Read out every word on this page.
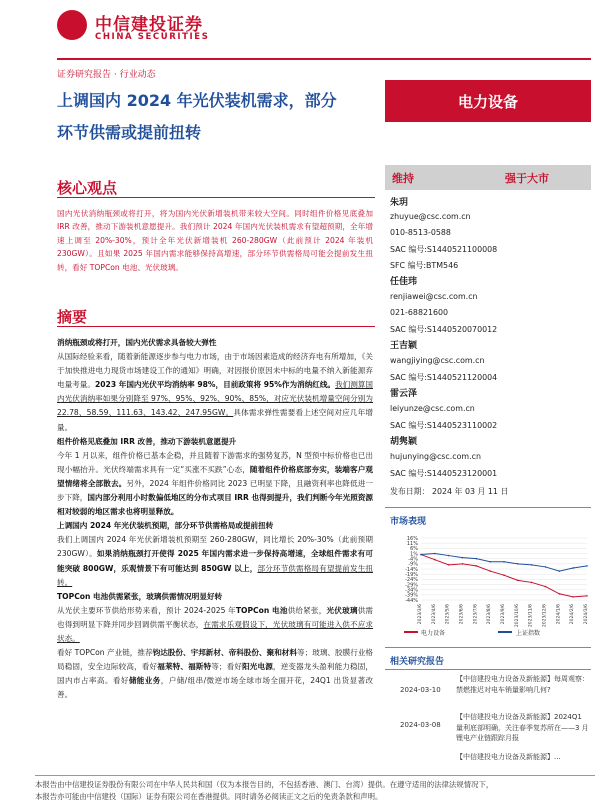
中信建投证券
CHINA SECURITIES
证券研究报告 · 行业动态
上调国内 2024 年光伏装机需求，部分
环节供需或提前扭转
电力设备
核心观点
国内光伏消纳瓶颈或将打开，将为国内光伏新增装机带来较大空间。同时组件价格见底叠加 IRR 改善，推动下游装机意愿提升。我们预计 2024 年国内光伏装机需求有望超预期，全年增速上调至 20%-30%，预计全年光伏新增装机 260-280GW（此前预计 2024 年装机 230GW）。且如果 2025 年国内需求能够保持高增速，部分环节供需格局可能会提前发生扭转，看好 TOPCon 电池、光伏玻璃。
摘要

消纳瓶颈或将打开，国内光伏需求具备较大弹性

从国际经验来看，随着新能源逐步参与电力市场，由于市场因素造成的经济弃电有所增加，《关于加快推进电力现货市场建设工作的通知》明确，对因报价原因未中标的电量不纳入新能源弃电量考量。2023 年国内光伏平均消纳率 98%，目前政策将 95%作为消纳红线。我们测算国内光伏消纳率如果分别降至 97%、95%、92%、90%、85%，对应光伏装机增量空间分别为 22.78、58.59、111.63、143.42、247.95GW。具体需求弹性需要看上述空间对应几年增量。

组件价格见底叠加 IRR 改善，推动下游装机意愿提升

今年 1 月以来，组件价格已基本企稳，并且随着下游需求的强势复苏，N 型预中标价格也已出现小幅抬升。光伏终端需求具有一定“买涨不买跌”心态，随着组件价格底部夯实，装端客户观望情绪将全部散去。另外，2024 年组件价格同比 2023 已明显下降，且融资利率也降低进一步下降，国内部分利用小时数偏低地区的分布式项目 IRR 也得到提升，我们判断今年光照资源相对较弱的地区需求也将明显释放。

上调国内 2024 年光伏装机预期，部分环节供需格局或提前扭转

我们上调国内 2024 年光伏新增装机预期至 260-280GW，同比增长 20%-30%（此前预期 230GW）。如果消纳瓶颈打开使得 2025 年国内需求进一步保持高增速，全球组件需求有可能突破 800GW，乐观情景下有可能达到 850GW 以上，部分环节供需格局有望提前发生扭转。

TOPCon 电池供需紧张，玻璃供需情况明显好转

从光伏主要环节供给形势来看，预计 2024-2025 年TOPCon 电池供给紧张，光伏玻璃供需也得到明显下降并同步回调供需平衡状态，在需求乐观假设下，光伏玻璃有可能进入供不应求状态。

看好 TOPCon 产业链，推荐钧达股份、宇邦新材、帝科股份、聚和材料等；玻璃、胶膜行业格局稳固，安全边际较高，看好福莱特、福斯特等；看好阳光电源，逆变器龙头盈利能力稳固，国内市占率高。看好储能业务，户储/组串/微逆市场全球市场全面开花，24Q1 出货显著改善。

维持	强于大市
朱玥
zhuyue@csc.com.cn
010-8513-0588
SAC 编号:S1440521100008
SFC 编号:BTM546
任佳玮
renjiawei@csc.com.cn
021-68821600
SAC 编号:S1440520070012
王吉颖
wangjiying@csc.com.cn
SAC 编号:S1440521120004
雷云泽
leiyunze@csc.com.cn
SAC 编号:S1440523110002
胡隽颖
hujunying@csc.com.cn
SAC 编号:S1440523120001
发布日期： 2024 年 03 月 11 日
市场表现
16%
11%
6%
1%
-4%
-9%
-14%
-19%
-24%
-29%
-34%
-39%
-44%
2023/3/6 2023/4/6 2023/5/6 2023/6/6 2023/7/6 2023/8/6 2023/9/6 2023/10/6 2023/11/6 2023/12/6 2024/1/6 2024/2/6 2024/3/6
电力设备	上证指数
相关研究报告
2024-03-10
【中信建投电力设备及新能源】每周观察：禁燃推迟对电车销量影响几何?
2024-03-08
【中信建投电力设备及新能源】2024Q1 量利底部明确，关注春季复苏所在——3 月锂电产业链跟踪月报
【中信建投电力设备及新能源】...
本报告由中信建投证券股份有限公司在中华人民共和国（仅为本报告目的，不包括香港、澳门、台湾）提供。在遵守适用的法律法规情况下，
本报告亦可能由中信建投（国际）证券有限公司在香港提供。同时请务必阅读正文之后的免责条款和声明。
